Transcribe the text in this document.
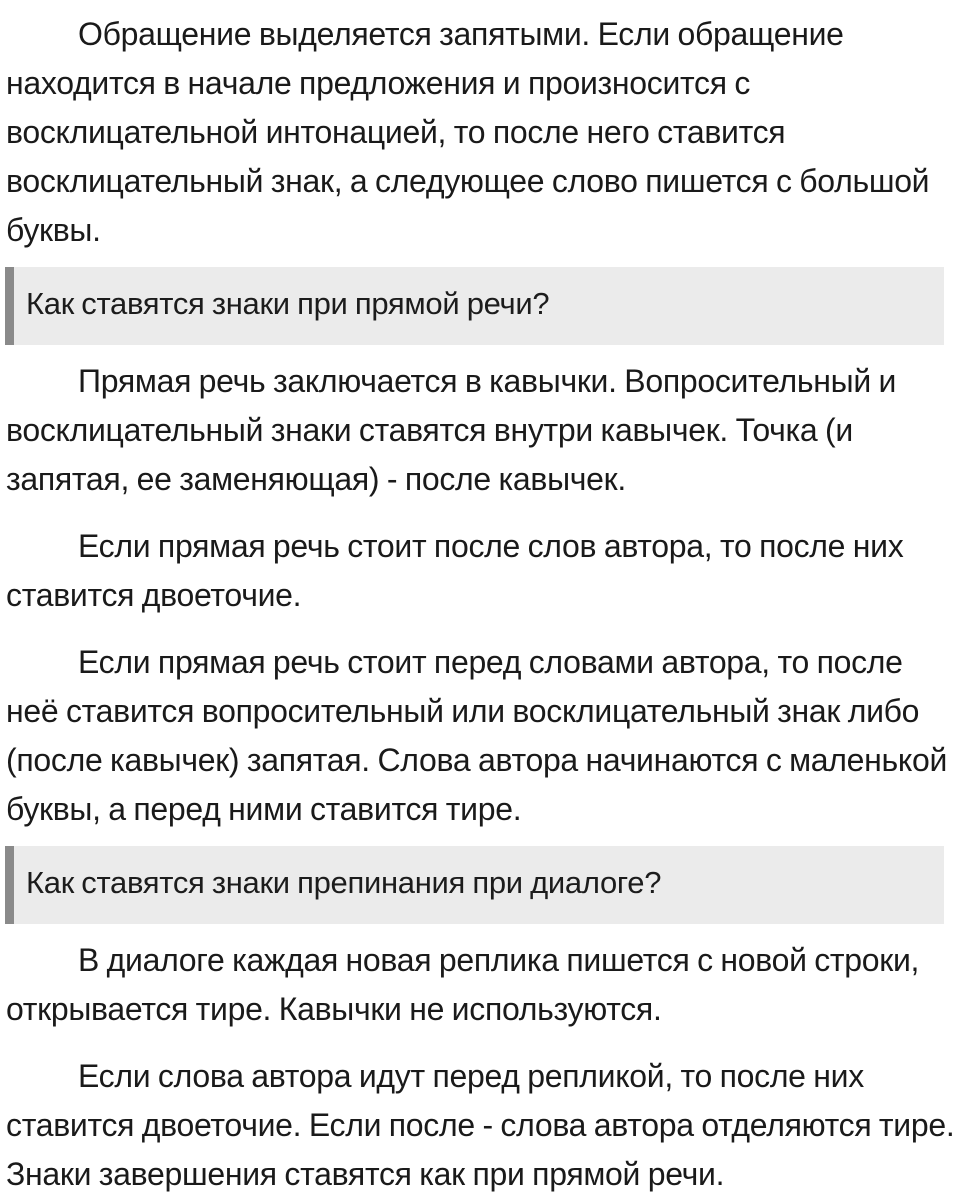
Обращение выделяется запятыми. Если обращение находится в начале предложения и произносится с восклицательной интонацией, то после него ставится восклицательный знак, а следующее слово пишется с большой буквы.

Как ставятся знаки при прямой речи?

Прямая речь заключается в кавычки. Вопросительный и восклицательный знаки ставятся внутри кавычек. Точка (и запятая, ее заменяющая) - после кавычек.

Если прямая речь стоит после слов автора, то после них ставится двоеточие.

Если прямая речь стоит перед словами автора, то после неё ставится вопросительный или восклицательный знак либо (после кавычек) запятая. Слова автора начинаются с маленькой буквы, а перед ними ставится тире.

Как ставятся знаки препинания при диалоге?

В диалоге каждая новая реплика пишется с новой строки, открывается тире. Кавычки не используются.

Если слова автора идут перед репликой, то после них ставится двоеточие. Если после - слова автора отделяются тире. Знаки завершения ставятся как при прямой речи.
